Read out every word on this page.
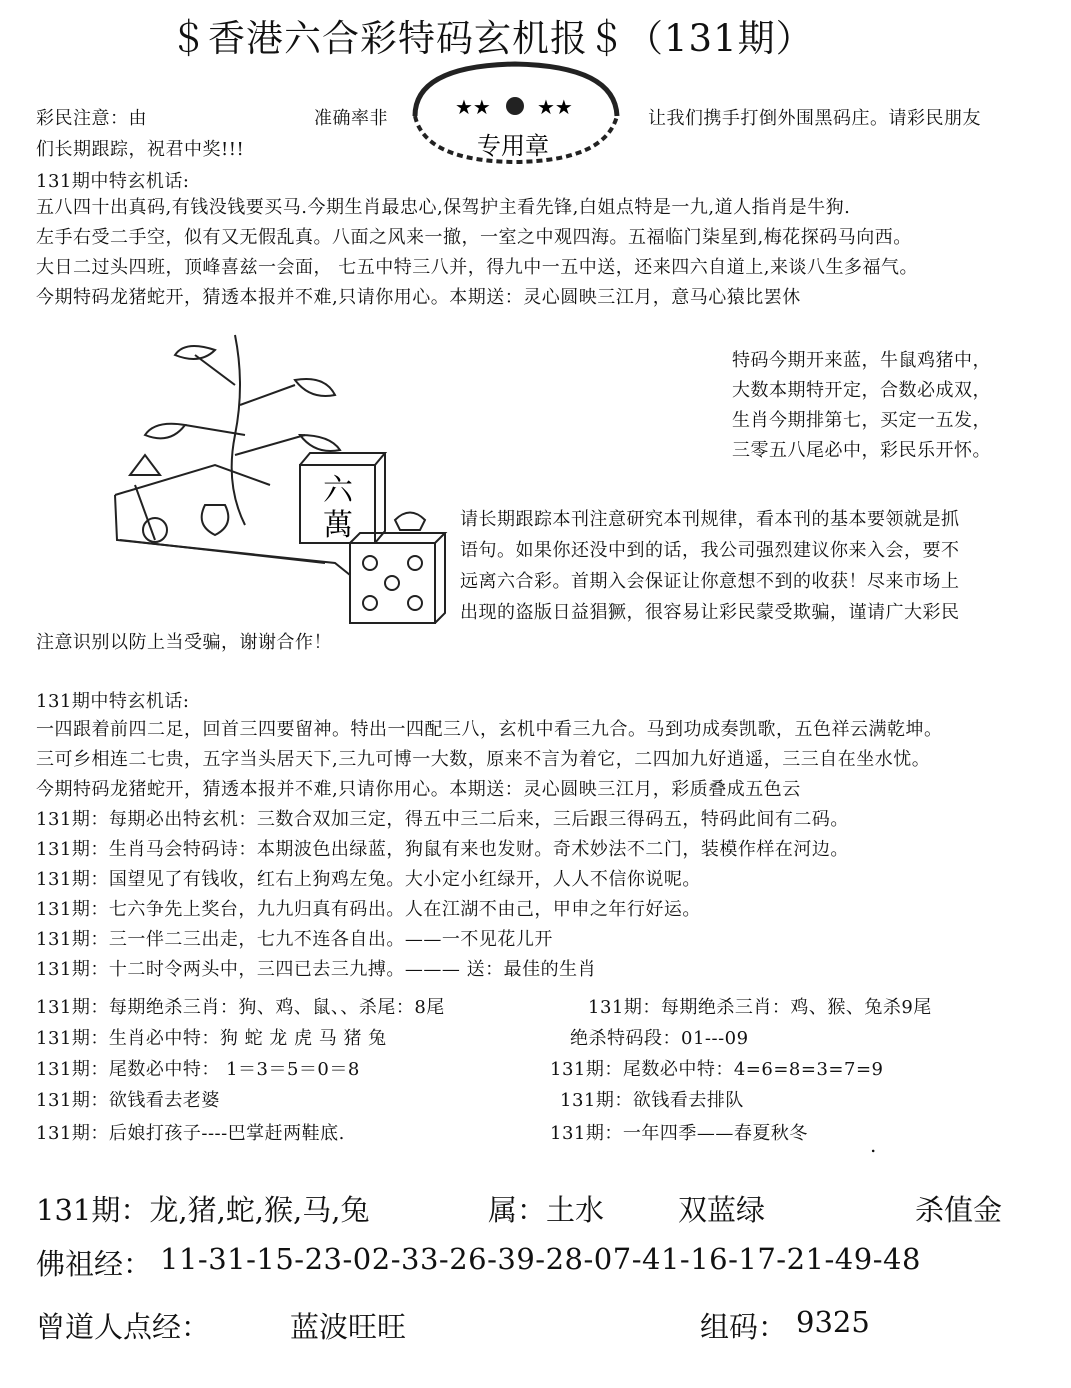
＄香港六合彩特码玄机报＄（131期）
★★ ★★
专用章
彩民注意：由	准确率非	让我们携手打倒外围黑码庄。请彩民朋友
们长期跟踪，祝君中奖!!!
131期中特玄机话:
五八四十出真码,有钱没钱要买马.今期生肖最忠心,保驾护主看先锋,白姐点特是一九,道人指肖是牛狗.
左手右受二手空，似有又无假乱真。八面之风来一撤，一室之中观四海。五福临门柒星到,梅花探码马向西。
大日二过头四班，顶峰喜兹一会面， 七五中特三八并，得九中一五中送，还来四六自道上,来谈八生多福气。
今期特码龙猪蛇开，猜透本报并不难,只请你用心。本期送：灵心圆映三江月，意马心猿比罢休
六
萬
特码今期开来蓝，牛鼠鸡猪中，
大数本期特开定，合数必成双，
生肖今期排第七，买定一五发，
三零五八尾必中，彩民乐开怀。
请长期跟踪本刊注意研究本刊规律，看本刊的基本要领就是抓
语句。如果你还没中到的话，我公司强烈建议你来入会，要不
远离六合彩。首期入会保证让你意想不到的收获！尽来市场上
出现的盗版日益猖獗，很容易让彩民蒙受欺骗，谨请广大彩民
注意识别以防上当受骗，谢谢合作！
131期中特玄机话:
一四跟着前四二足，回首三四要留神。特出一四配三八，玄机中看三九合。马到功成奏凯歌，五色祥云满乾坤。
三可乡相连二七贵，五字当头居天下,三九可博一大数，原来不言为着它，二四加九好逍遥，三三自在坐水忧。
今期特码龙猪蛇开，猜透本报并不难,只请你用心。本期送：灵心圆映三江月，彩质叠成五色云
131期：每期必出特玄机：三数合双加三定，得五中三二后来，三后跟三得码五，特码此间有二码。
131期：生肖马会特码诗：本期波色出绿蓝，狗鼠有来也发财。奇术妙法不二门，装模作样在河边。
131期：国望见了有钱收，红右上狗鸡左兔。大小定小红绿开，人人不信你说呢。
131期：七六争先上奖台，九九归真有码出。人在江湖不由己，甲申之年行好运。
131期：三一伴二三出走，七九不连各自出。——一不见花儿开
131期：十二时令两头中，三四已去三九搏。——— 送：最佳的生肖
131期：每期绝杀三肖：狗、鸡、鼠、、杀尾：8尾	131期：每期绝杀三肖：鸡、猴、兔杀9尾
131期：生肖必中特：狗 蛇 龙 虎 马 猪 兔	绝杀特码段：01---09
131期：尾数必中特： 1＝3＝5＝0＝8	131期：尾数必中特：4=6=8=3=7=9
131期：欲钱看去老婆	131期：欲钱看去排队
131期：后娘打孩子----巴掌赶两鞋底.	131期：一年四季——春夏秋冬	.
131期：龙,猪,蛇,猴,马,兔	属：土水	双蓝绿	杀值金
佛祖经： 11-31-15-23-02-33-26-39-28-07-41-16-17-21-49-48
曾道人点经：	蓝波旺旺	组码： 9325
